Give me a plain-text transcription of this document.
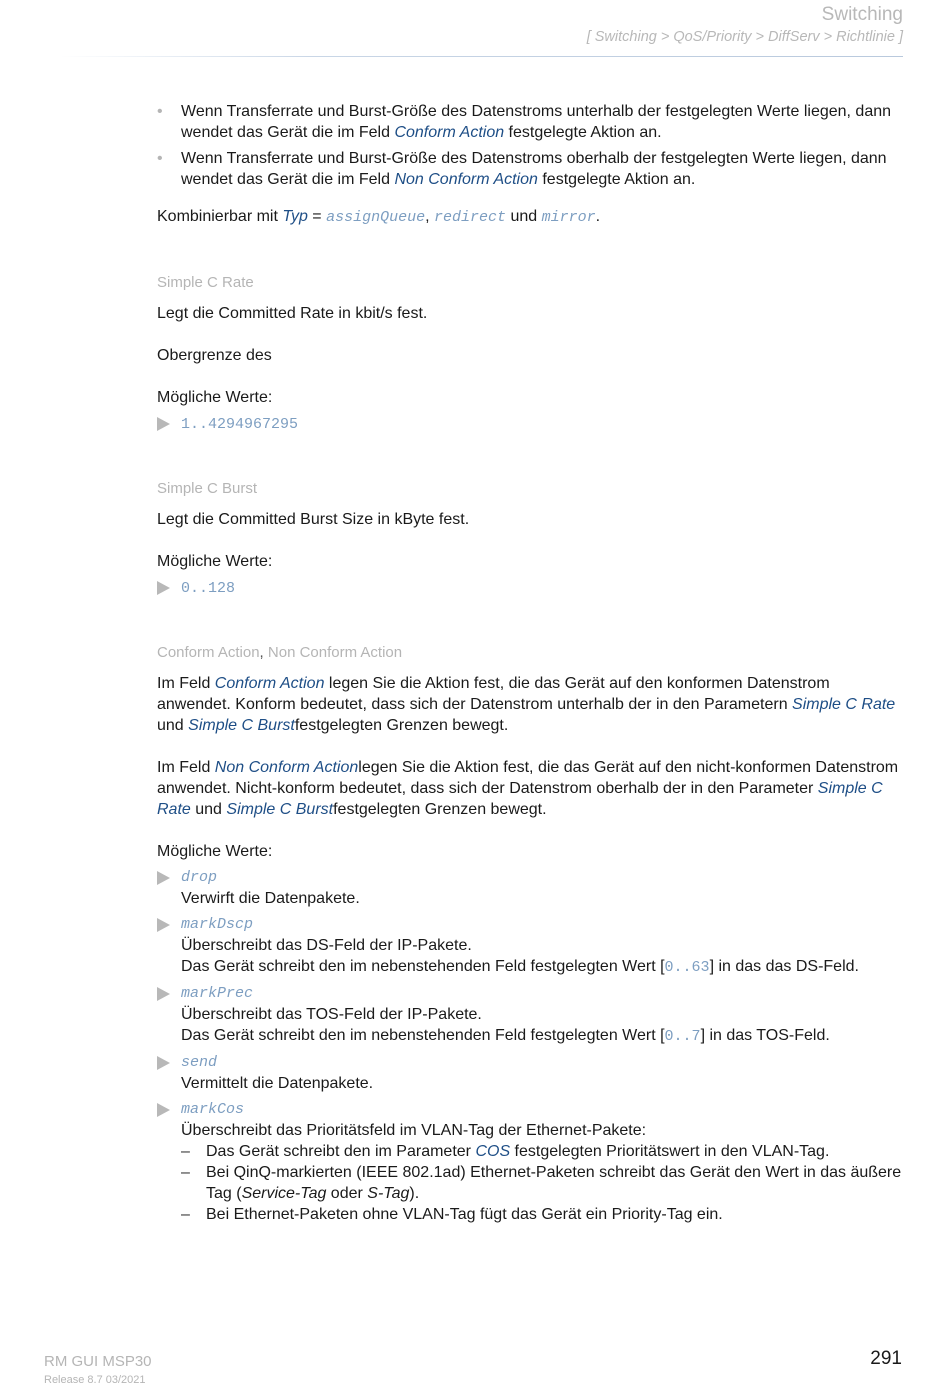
Switching
[ Switching > QoS/Priority > DiffServ > Richtlinie ]

• Wenn Transferrate und Burst-Größe des Datenstroms unterhalb der festgelegten Werte liegen, dann wendet das Gerät die im Feld Conform Action festgelegte Aktion an.

• Wenn Transferrate und Burst-Größe des Datenstroms oberhalb der festgelegten Werte liegen, dann wendet das Gerät die im Feld Non Conform Action festgelegte Aktion an.

Kombinierbar mit Typ = assignQueue, redirect und mirror.

Simple C Rate

Legt die Committed Rate in kbit/s fest.

Obergrenze des

Mögliche Werte:

1..4294967295

Simple C Burst

Legt die Committed Burst Size in kByte fest.

Mögliche Werte:

0..128

Conform Action, Non Conform Action

Im Feld Conform Action legen Sie die Aktion fest, die das Gerät auf den konformen Datenstrom anwendet. Konform bedeutet, dass sich der Datenstrom unterhalb der in den Parametern Simple C Rate und Simple C Burstfestgelegten Grenzen bewegt.

Im Feld Non Conform Actionlegen Sie die Aktion fest, die das Gerät auf den nicht-konformen Datenstrom anwendet. Nicht-konform bedeutet, dass sich der Datenstrom oberhalb der in den Parameter Simple C Rate und Simple C Burstfestgelegten Grenzen bewegt.

Mögliche Werte:

drop
Verwirft die Datenpakete.
markDscp
Überschreibt das DS-Feld der IP-Pakete.
Das Gerät schreibt den im nebenstehenden Feld festgelegten Wert [0..63] in das das DS-Feld.
markPrec
Überschreibt das TOS-Feld der IP-Pakete.
Das Gerät schreibt den im nebenstehenden Feld festgelegten Wert [0..7] in das TOS-Feld.
send
Vermittelt die Datenpakete.
markCos
Überschreibt das Prioritätsfeld im VLAN-Tag der Ethernet-Pakete:
– Das Gerät schreibt den im Parameter COS festgelegten Prioritätswert in den VLAN-Tag.
– Bei QinQ-markierten (IEEE 802.1ad) Ethernet-Paketen schreibt das Gerät den Wert in das äußere Tag (Service-Tag oder S-Tag).
– Bei Ethernet-Paketen ohne VLAN-Tag fügt das Gerät ein Priority-Tag ein.
RM GUI MSP30
Release 8.7 03/2021
291
